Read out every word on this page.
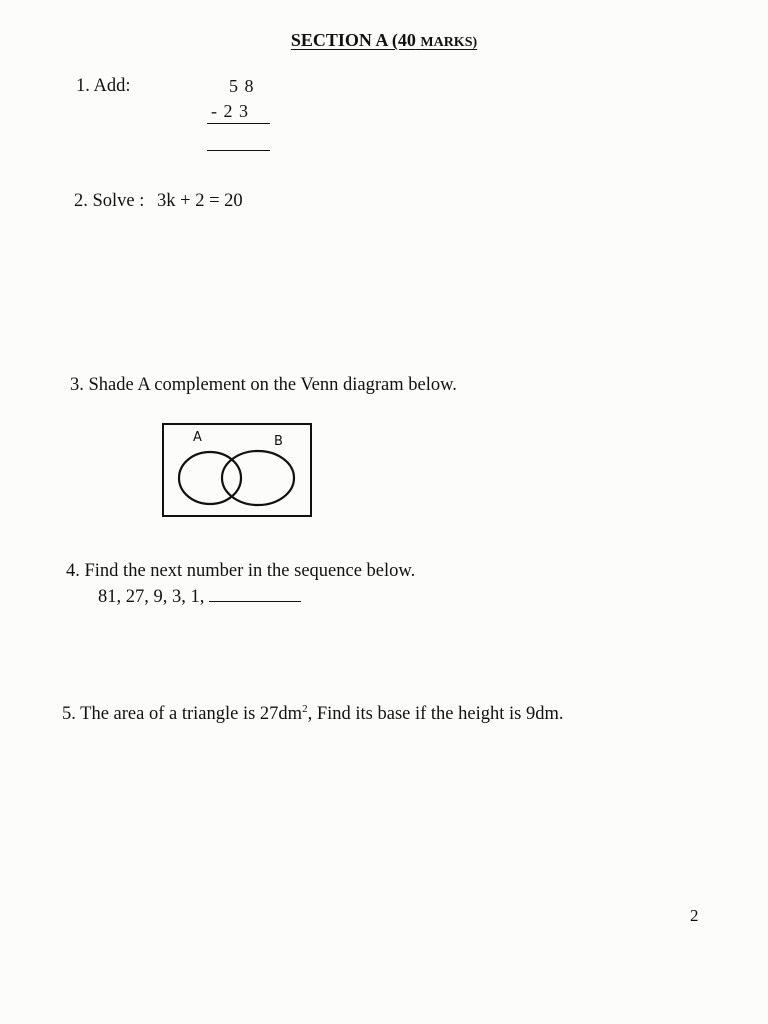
SECTION A (40 MARKS)
1. Add:	5 8
- 2 3
2. Solve : 3k + 2 = 20
3. Shade A complement on the Venn diagram below.
A	B
4. Find the next number in the sequence below.
81, 27, 9, 3, 1,
5. The area of a triangle is $27dm^2$, Find its base if the height is 9dm.
2
